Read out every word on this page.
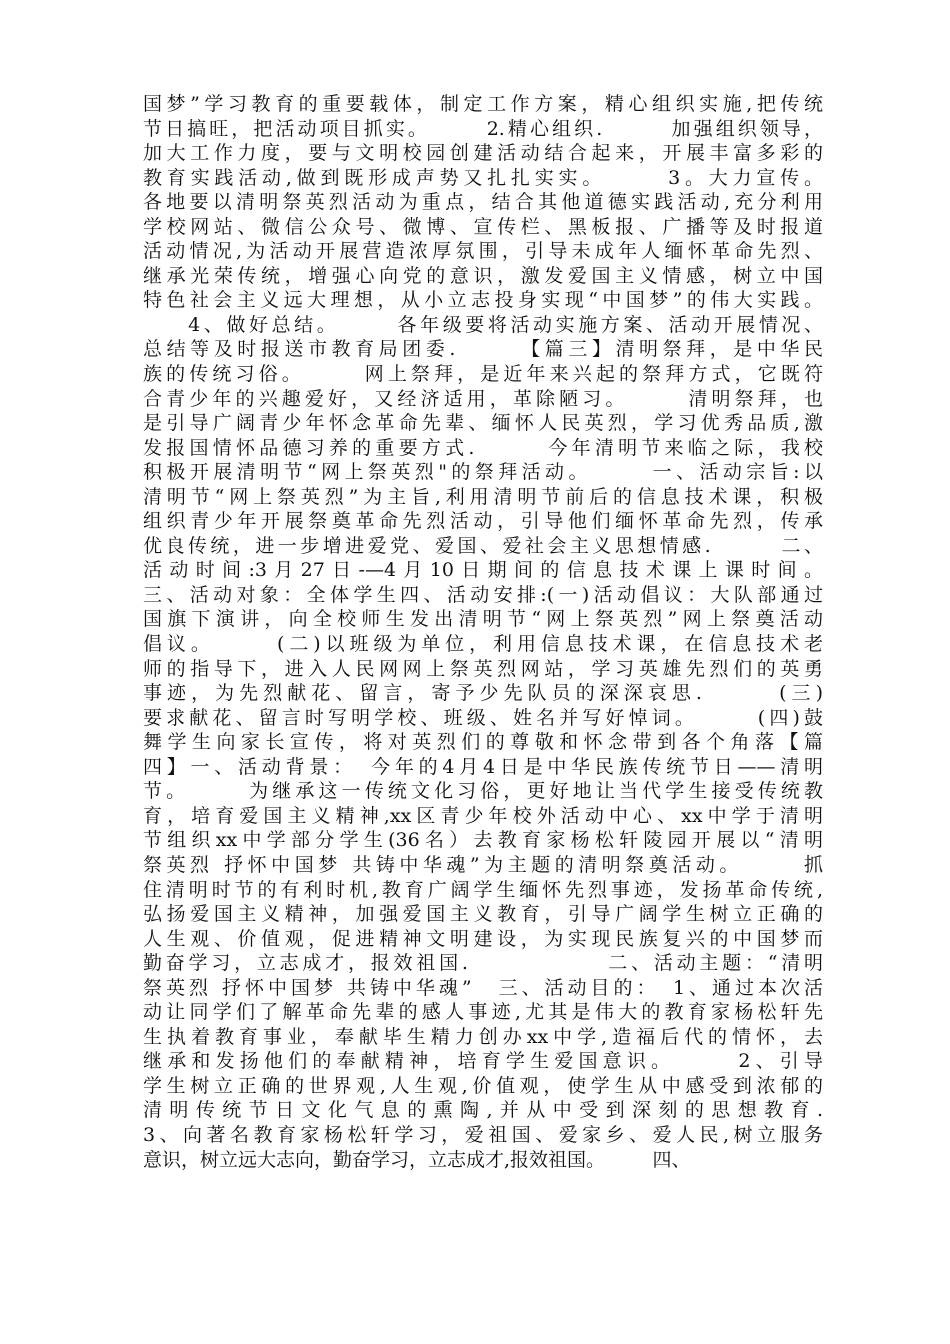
国梦”学习教育的重要载体，制定工作方案，精心组织实施,把传统
节日搞旺，把活动项目抓实。　　　2.精心组织.　　　加强组织领导，
加大工作力度，要与文明校园创建活动结合起来，开展丰富多彩的
教育实践活动,做到既形成声势又扎扎实实。　　　3。大力宣传。
各地要以清明祭英烈活动为重点，结合其他道德实践活动,充分利用
学校网站、微信公众号、微博、宣传栏、黑板报、广播等及时报道
活动情况,为活动开展营造浓厚氛围，引导未成年人缅怀革命先烈、
继承光荣传统，增强心向党的意识，激发爱国主义情感，树立中国
特色社会主义远大理想，从小立志投身实现“中国梦”的伟大实践。
　　4、做好总结。　　　各年级要将活动实施方案、活动开展情况、
总结等及时报送市教育局团委.　　　【篇三】清明祭拜，是中华民
族的传统习俗。　　　网上祭拜，是近年来兴起的祭拜方式，它既符
合青少年的兴趣爱好，又经济适用，革除陋习。　　　清明祭拜，也
是引导广阔青少年怀念革命先辈、缅怀人民英烈，学习优秀品质,激
发报国情怀品德习养的重要方式.　　　今年清明节来临之际，我校
积极开展清明节“网上祭英烈"的祭拜活动。　　　一、活动宗旨:以
清明节“网上祭英烈”为主旨,利用清明节前后的信息技术课，积极
组织青少年开展祭奠革命先烈活动，引导他们缅怀革命先烈，传承
优良传统，进一步增进爱党、爱国、爱社会主义思想情感.　　　二、
活动时间:3月27日-—4月10日期间的信息技术课上课时间。
三、活动对象：全体学生四、活动安排:(一)活动倡议：大队部通过
国旗下演讲，向全校师生发出清明节“网上祭英烈”网上祭奠活动
倡议。　　　(二)以班级为单位，利用信息技术课，在信息技术老
师的指导下，进入人民网网上祭英烈网站，学习英雄先烈们的英勇
事迹，为先烈献花、留言，寄予少先队员的深深哀思.　　　(三)
要求献花、留言时写明学校、班级、姓名并写好悼词。　　　(四)鼓
舞学生向家长宣传，将对英烈们的尊敬和怀念带到各个角落【篇
四】一、活动背景：　今年的4月4日是中华民族传统节日——清明
节。　　　为继承这一传统文化习俗，更好地让当代学生接受传统教
育，培育爱国主义精神,xx区青少年校外活动中心、xx中学于清明
节组织xx中学部分学生(36名）去教育家杨松轩陵园开展以“清明
祭英烈 抒怀中国梦 共铸中华魂”为主题的清明祭奠活动。　　　抓
住清明时节的有利时机,教育广阔学生缅怀先烈事迹，发扬革命传统,
弘扬爱国主义精神，加强爱国主义教育，引导广阔学生树立正确的
人生观、价值观，促进精神文明建设，为实现民族复兴的中国梦而
勤奋学习，立志成才，报效祖国.　　　　　　二、活动主题：“清明
祭英烈 抒怀中国梦 共铸中华魂”　三、活动目的：　1、通过本次活
动让同学们了解革命先辈的感人事迹,尤其是伟大的教育家杨松轩先
生执着教育事业，奉献毕生精力创办xx中学,造福后代的情怀，去
继承和发扬他们的奉献精神，培育学生爱国意识。　　　2、引导
学生树立正确的世界观,人生观,价值观，使学生从中感受到浓郁的
清明传统节日文化气息的熏陶,并从中受到深刻的思想教育.
3、向著名教育家杨松轩学习，爱祖国、爱家乡、爱人民,树立服务
意识，树立远大志向，勤奋学习，立志成才,报效祖国。　　　四、
